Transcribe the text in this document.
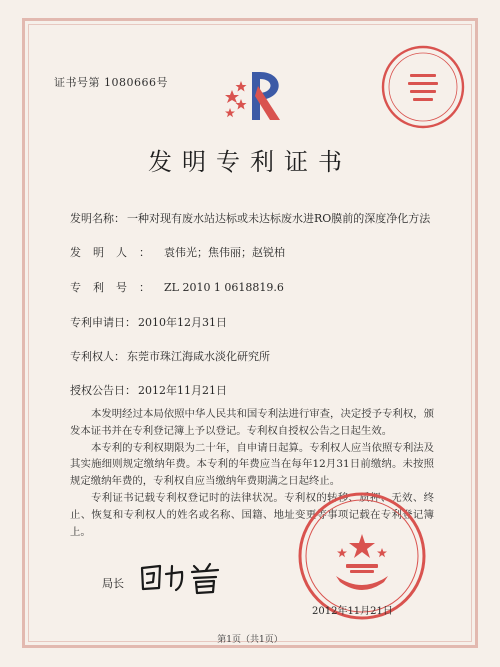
证书号第 1080666号
发明专利证书
发明名称： 一种对现有废水站达标或未达标废水进RO膜前的深度净化方法
发明人： 袁伟光；焦伟丽；赵锐柏
专利号： ZL 2010 1 0618819.6
专利申请日： 2010年12月31日
专利权人： 东莞市珠江海咸水淡化研究所
授权公告日： 2012年11月21日

本发明经过本局依照中华人民共和国专利法进行审查，决定授予专利权，颁发本证书并在专利登记簿上予以登记。专利权自授权公告之日起生效。

本专利的专利权期限为二十年，自申请日起算。专利权人应当依照专利法及其实施细则规定缴纳年费。本专利的年费应当在每年12月31日前缴纳。未按照规定缴纳年费的，专利权自应当缴纳年费期满之日起终止。

专利证书记载专利权登记时的法律状况。专利权的转移、质押、无效、终止、恢复和专利权人的姓名或名称、国籍、地址变更等事项记载在专利登记簿上。

局长
2012年11月21日
第1页（共1页）
